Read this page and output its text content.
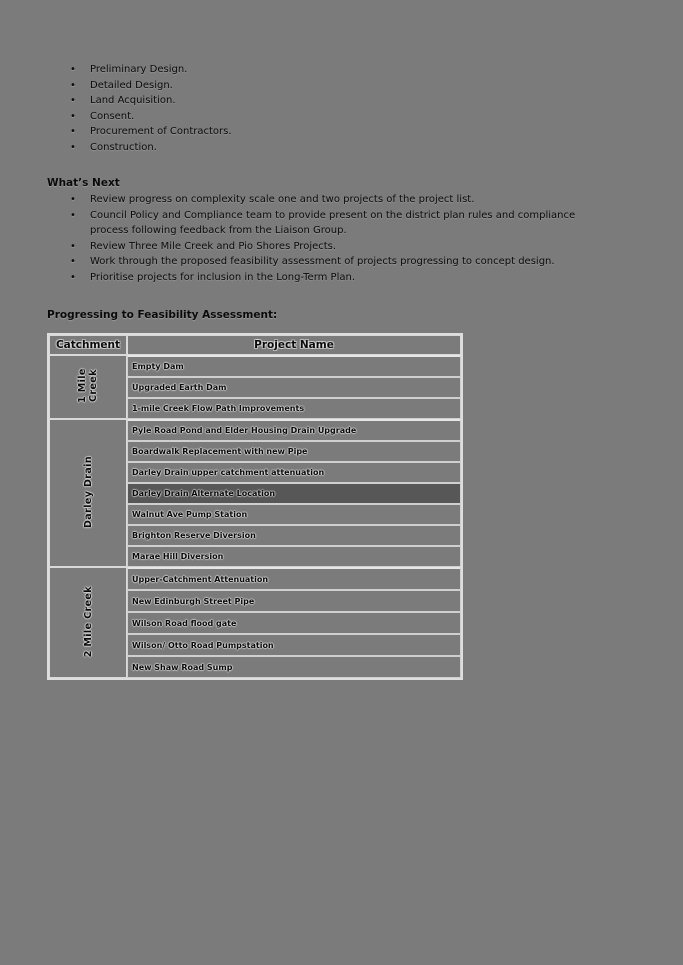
• Preliminary Design.
• Detailed Design.
• Land Acquisition.
• Consent.
• Procurement of Contractors.
• Construction.
What’s Next
• Review progress on complexity scale one and two projects of the project list.
• Council Policy and Compliance team to provide present on the district plan rules and compliance process following feedback from the Liaison Group.
• Review Three Mile Creek and Pio Shores Projects.
• Work through the proposed feasibility assessment of projects progressing to concept design.
• Prioritise projects for inclusion in the Long-Term Plan.
Progressing to Feasibility Assessment:
Catchment	Project Name
1 Mile Creek	Empty Dam
	Upgraded Earth Dam
	1-mile Creek Flow Path Improvements
Darley Drain	Pyle Road Pond and Elder Housing Drain Upgrade
	Boardwalk Replacement with new Pipe
	Darley Drain upper catchment attenuation
	Darley Drain Alternate Location
	Walnut Ave Pump Station
	Brighton Reserve Diversion
	Marae Hill Diversion
2 Mile Creek	Upper-Catchment Attenuation
	New Edinburgh Street Pipe
	Wilson Road flood gate
	Wilson/ Otto Road Pumpstation
	New Shaw Road Sump
